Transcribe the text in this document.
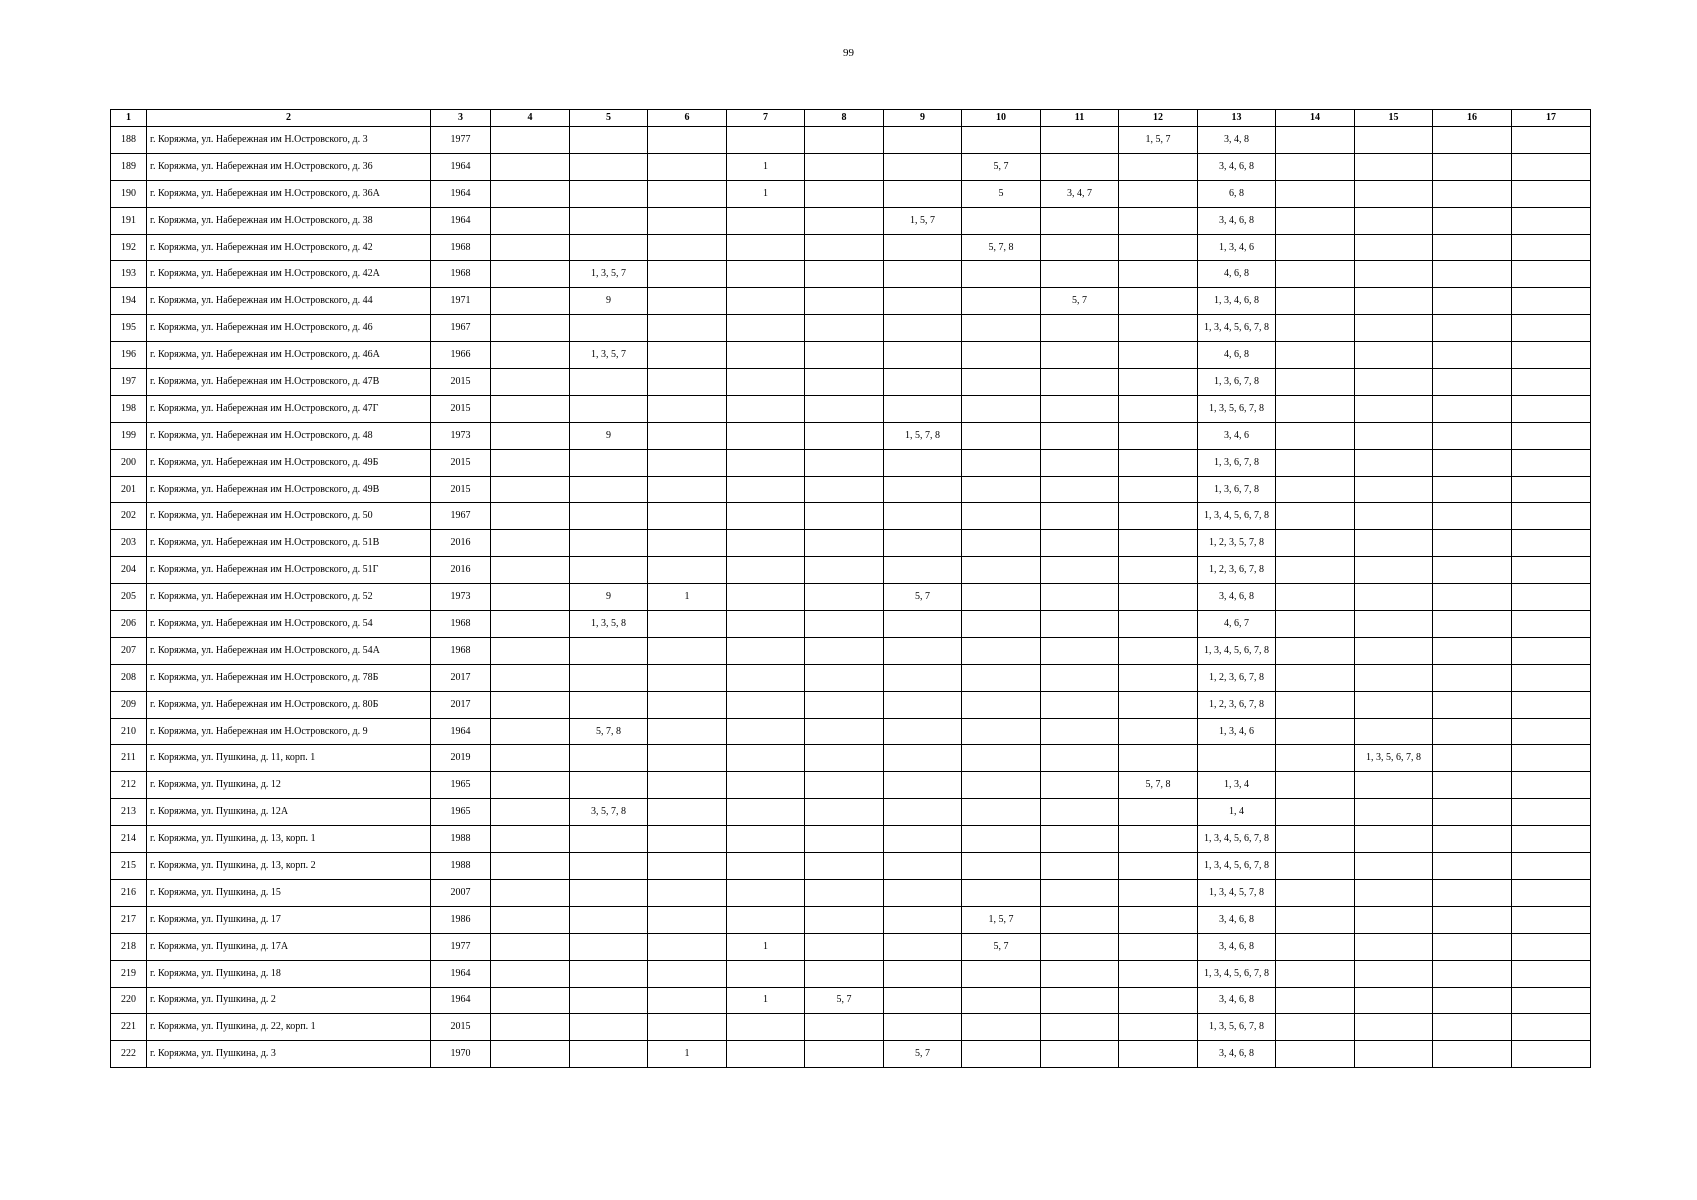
99
1	2	3	4	5	6	7	8	9	10	11	12	13	14	15	16	17
188	г. Коряжма, ул. Набережная им Н.Островского, д. 3	1977									1, 5, 7	3, 4, 8				
189	г. Коряжма, ул. Набережная им Н.Островского, д. 36	1964				1			5, 7			3, 4, 6, 8				
190	г. Коряжма, ул. Набережная им Н.Островского, д. 36А	1964				1			5	3, 4, 7		6, 8				
191	г. Коряжма, ул. Набережная им Н.Островского, д. 38	1964						1, 5, 7				3, 4, 6, 8				
192	г. Коряжма, ул. Набережная им Н.Островского, д. 42	1968							5, 7, 8			1, 3, 4, 6				
193	г. Коряжма, ул. Набережная им Н.Островского, д. 42А	1968		1, 3, 5, 7								4, 6, 8				
194	г. Коряжма, ул. Набережная им Н.Островского, д. 44	1971		9						5, 7		1, 3, 4, 6, 8				
195	г. Коряжма, ул. Набережная им Н.Островского, д. 46	1967										1, 3, 4, 5, 6, 7, 8				
196	г. Коряжма, ул. Набережная им Н.Островского, д. 46А	1966		1, 3, 5, 7								4, 6, 8				
197	г. Коряжма, ул. Набережная им Н.Островского, д. 47В	2015										1, 3, 6, 7, 8				
198	г. Коряжма, ул. Набережная им Н.Островского, д. 47Г	2015										1, 3, 5, 6, 7, 8				
199	г. Коряжма, ул. Набережная им Н.Островского, д. 48	1973		9				1, 5, 7, 8				3, 4, 6				
200	г. Коряжма, ул. Набережная им Н.Островского, д. 49Б	2015										1, 3, 6, 7, 8				
201	г. Коряжма, ул. Набережная им Н.Островского, д. 49В	2015										1, 3, 6, 7, 8				
202	г. Коряжма, ул. Набережная им Н.Островского, д. 50	1967										1, 3, 4, 5, 6, 7, 8				
203	г. Коряжма, ул. Набережная им Н.Островского, д. 51В	2016										1, 2, 3, 5, 7, 8				
204	г. Коряжма, ул. Набережная им Н.Островского, д. 51Г	2016										1, 2, 3, 6, 7, 8				
205	г. Коряжма, ул. Набережная им Н.Островского, д. 52	1973		9	1			5, 7				3, 4, 6, 8				
206	г. Коряжма, ул. Набережная им Н.Островского, д. 54	1968		1, 3, 5, 8								4, 6, 7				
207	г. Коряжма, ул. Набережная им Н.Островского, д. 54А	1968										1, 3, 4, 5, 6, 7, 8				
208	г. Коряжма, ул. Набережная им Н.Островского, д. 78Б	2017										1, 2, 3, 6, 7, 8				
209	г. Коряжма, ул. Набережная им Н.Островского, д. 80Б	2017										1, 2, 3, 6, 7, 8				
210	г. Коряжма, ул. Набережная им Н.Островского, д. 9	1964		5, 7, 8								1, 3, 4, 6				
211	г. Коряжма, ул. Пушкина, д. 11, корп. 1	2019												1, 3, 5, 6, 7, 8		
212	г. Коряжма, ул. Пушкина, д. 12	1965									5, 7, 8	1, 3, 4				
213	г. Коряжма, ул. Пушкина, д. 12А	1965		3, 5, 7, 8								1, 4				
214	г. Коряжма, ул. Пушкина, д. 13, корп. 1	1988										1, 3, 4, 5, 6, 7, 8				
215	г. Коряжма, ул. Пушкина, д. 13, корп. 2	1988										1, 3, 4, 5, 6, 7, 8				
216	г. Коряжма, ул. Пушкина, д. 15	2007										1, 3, 4, 5, 7, 8				
217	г. Коряжма, ул. Пушкина, д. 17	1986							1, 5, 7			3, 4, 6, 8				
218	г. Коряжма, ул. Пушкина, д. 17А	1977				1			5, 7			3, 4, 6, 8				
219	г. Коряжма, ул. Пушкина, д. 18	1964										1, 3, 4, 5, 6, 7, 8				
220	г. Коряжма, ул. Пушкина, д. 2	1964				1	5, 7					3, 4, 6, 8				
221	г. Коряжма, ул. Пушкина, д. 22, корп. 1	2015										1, 3, 5, 6, 7, 8				
222	г. Коряжма, ул. Пушкина, д. 3	1970			1			5, 7				3, 4, 6, 8				
